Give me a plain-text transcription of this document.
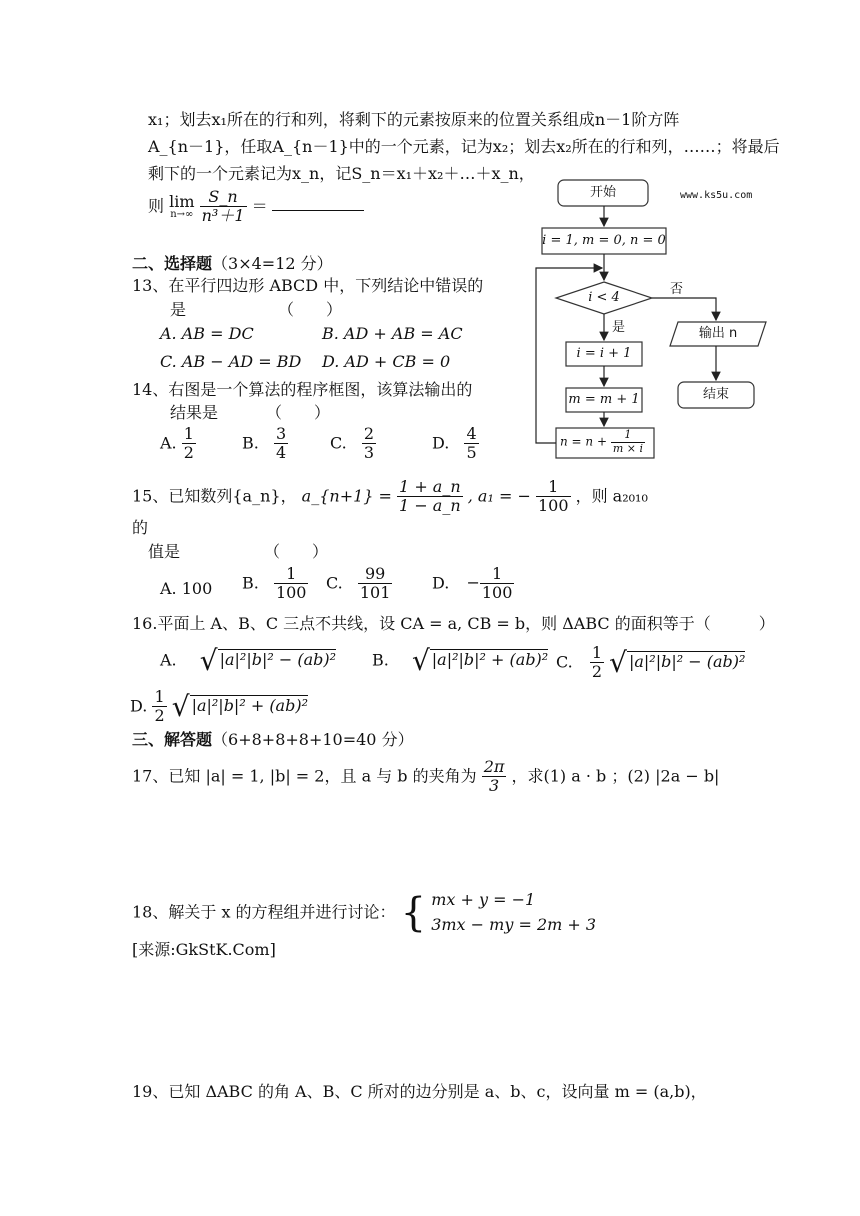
x₁；划去x₁所在的行和列，将剩下的元素按原来的位置关系组成n－1阶方阵
A_{n－1}，任取A_{n－1}中的一个元素，记为x₂；划去x₂所在的行和列，……；将最后
剩下的一个元素记为x_n，记S_n＝x₁＋x₂＋…＋x_n，
则 lim
n→∞
$\frac{S\_n}{\text{n³＋1}}$ ＝
二、选择题（3×4=12 分）
13、在平行四边形 ABCD 中，下列结论中错误的
是	（　　）
A. AB = DC	B. AD + AB = AC
C. AB − AD = BD D. AD + CB = 0
14、右图是一个算法的程序框图，该算法输出的
结果是	（　　）
A. $\frac{1}{2}$	B. $\frac{3}{4}$	C. $\frac{2}{3}$	D. $\frac{4}{5}$
15、已知数列{a_n}， a_{n+1} = $\frac{1 + a\_n}{1 - a\_n}$ , a₁ = − $\frac{1}{100}$ ，则 a₂₀₁₀
的
值是	（　　）
A. 100 B. $\frac{1}{100} C$. $\frac{99}{101} D$. − $\frac{1}{100}$
16.平面上 A、B、C 三点不共线，设 CA = a, CB = b，则 ΔABC 的面积等于（　　　）
A. √ |a|²|b|² − (ab)² B. √ |a|²|b|² + (ab)² C. $\frac{1}{2}$ √ |a|²|b|² − (ab)²
D. $\frac{1}{2}$ √ |a|²|b|² + (ab)²
三、解答题（6+8+8+8+10=40 分）
17、已知 |a| = 1, |b| = 2，且 a 与 b 的夹角为 $\frac{2\pi}{3}$ ，求(1) a · b ；(2) |2a − b|
18、解关于 x 的方程组并进行讨论： { mx + y = −1
3mx − my = 2m + 3
[来源:GkStK.Com]
19、已知 ΔABC 的角 A、B、C 所对的边分别是 a、b、c，设向量 m = (a,b)，
www.ks5u.com
开始
i = 1, m = 0, n = 0
i < 4
否
是
i = i + 1
m = m + 1
$n = n + \frac{1}{m \times i}$
输出 n
结束
